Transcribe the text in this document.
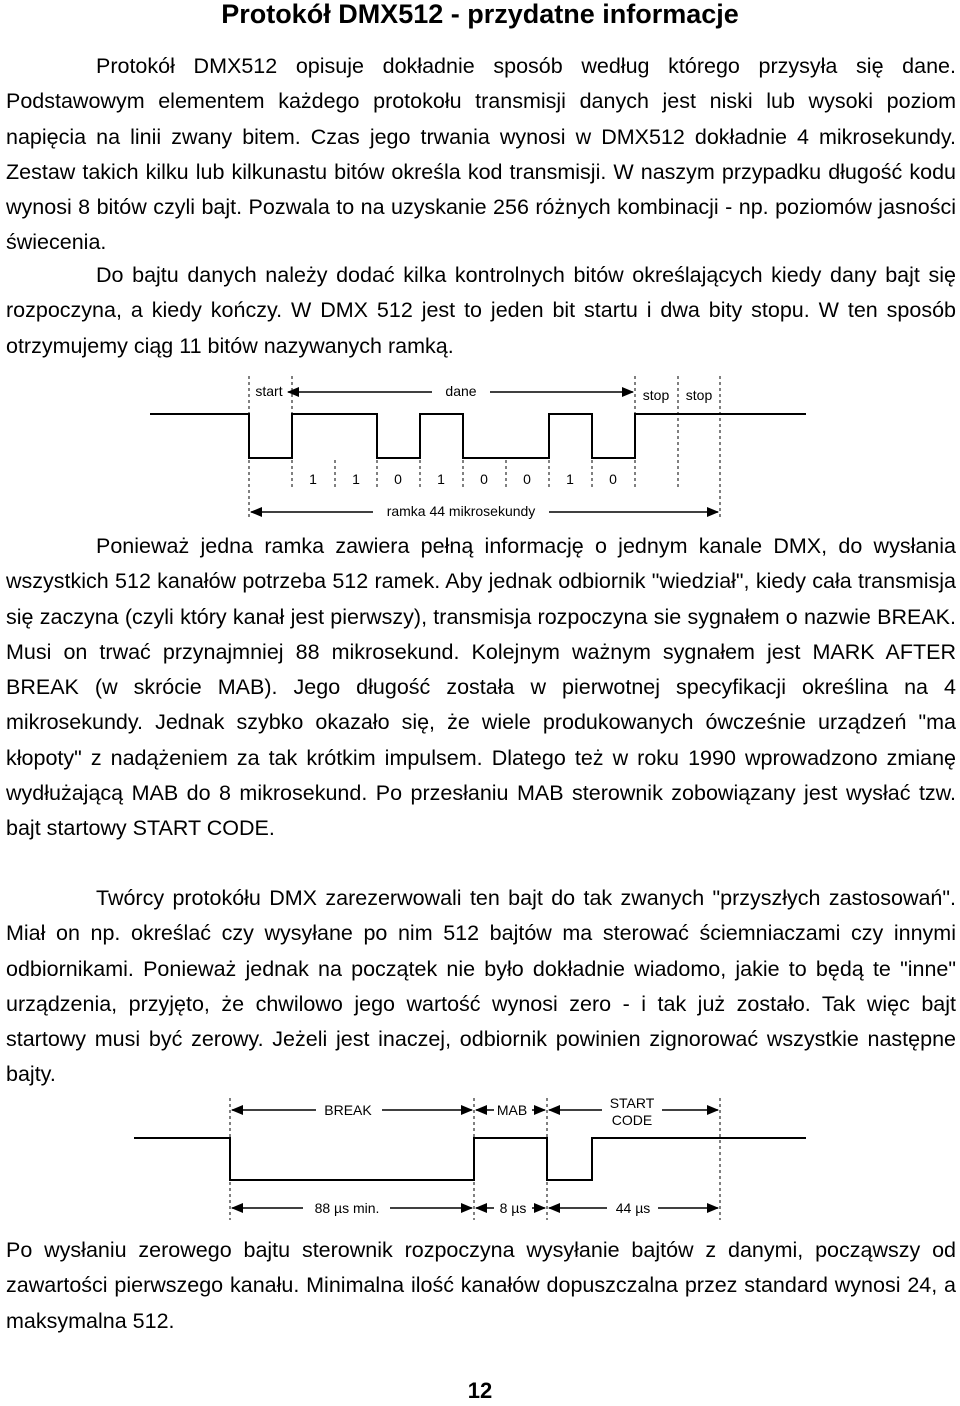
Protokół DMX512 - przydatne informacje

Protokół DMX512 opisuje dokładnie sposób według którego przysyła się dane. Podstawowym elementem każdego protokołu transmisji danych jest niski lub wysoki poziom napięcia na linii zwany bitem. Czas jego trwania wynosi w DMX512 dokładnie 4 mikrosekundy. Zestaw takich kilku lub kilkunastu bitów określa kod transmisji. W naszym przypadku długość kodu wynosi 8 bitów czyli bajt. Pozwala to na uzyskanie 256 różnych kombinacji - np. poziomów jasności świecenia.

Do bajtu danych należy dodać kilka kontrolnych bitów określających kiedy dany bajt się rozpoczyna, a kiedy kończy. W DMX 512 jest to jeden bit startu i dwa bity stopu. W ten sposób otrzymujemy ciąg 11 bitów nazywanych ramką.

start	dane	stop stop
1	1 0	1	0	0	1	0
ramka 44 mikrosekundy

Ponieważ jedna ramka zawiera pełną informację o jednym kanale DMX, do wysłania wszystkich 512 kanałów potrzeba 512 ramek. Aby jednak odbiornik "wiedział", kiedy cała transmisja się zaczyna (czyli który kanał jest pierwszy), transmisja rozpoczyna sie sygnałem o nazwie BREAK. Musi on trwać przynajmniej 88 mikrosekund. Kolejnym ważnym sygnałem jest MARK AFTER BREAK (w skrócie MAB). Jego długość została w pierwotnej specyfikacji określina na 4 mikrosekundy. Jednak szybko okazało się, że wiele produkowanych ówcześnie urządzeń "ma kłopoty" z nadążeniem za tak krótkim impulsem. Dlatego też w roku 1990 wprowadzono zmianę wydłużającą MAB do 8 mikrosekund. Po przesłaniu MAB sterownik zobowiązany jest wysłać tzw. bajt startowy START CODE.

Twórcy protokółu DMX zarezerwowali ten bajt do tak zwanych "przyszłych zastosowań". Miał on np. określać czy wysyłane po nim 512 bajtów ma sterować ściemniaczami czy innymi odbiornikami. Ponieważ jednak na początek nie było dokładnie wiadomo, jakie to będą te "inne" urządzenia, przyjęto, że chwilowo jego wartość wynosi zero - i tak już zostało. Tak więc bajt startowy musi być zerowy. Jeżeli jest inaczej, odbiornik powinien zignorować wszystkie następne bajty.

BREAK	MAB	START
CODE
88 µs min.	8 µs	44 µs

Po wysłaniu zerowego bajtu sterownik rozpoczyna wysyłanie bajtów z danymi, począwszy od zawartości pierwszego kanału. Minimalna ilość kanałów dopuszczalna przez standard wynosi 24, a maksymalna 512.

12
